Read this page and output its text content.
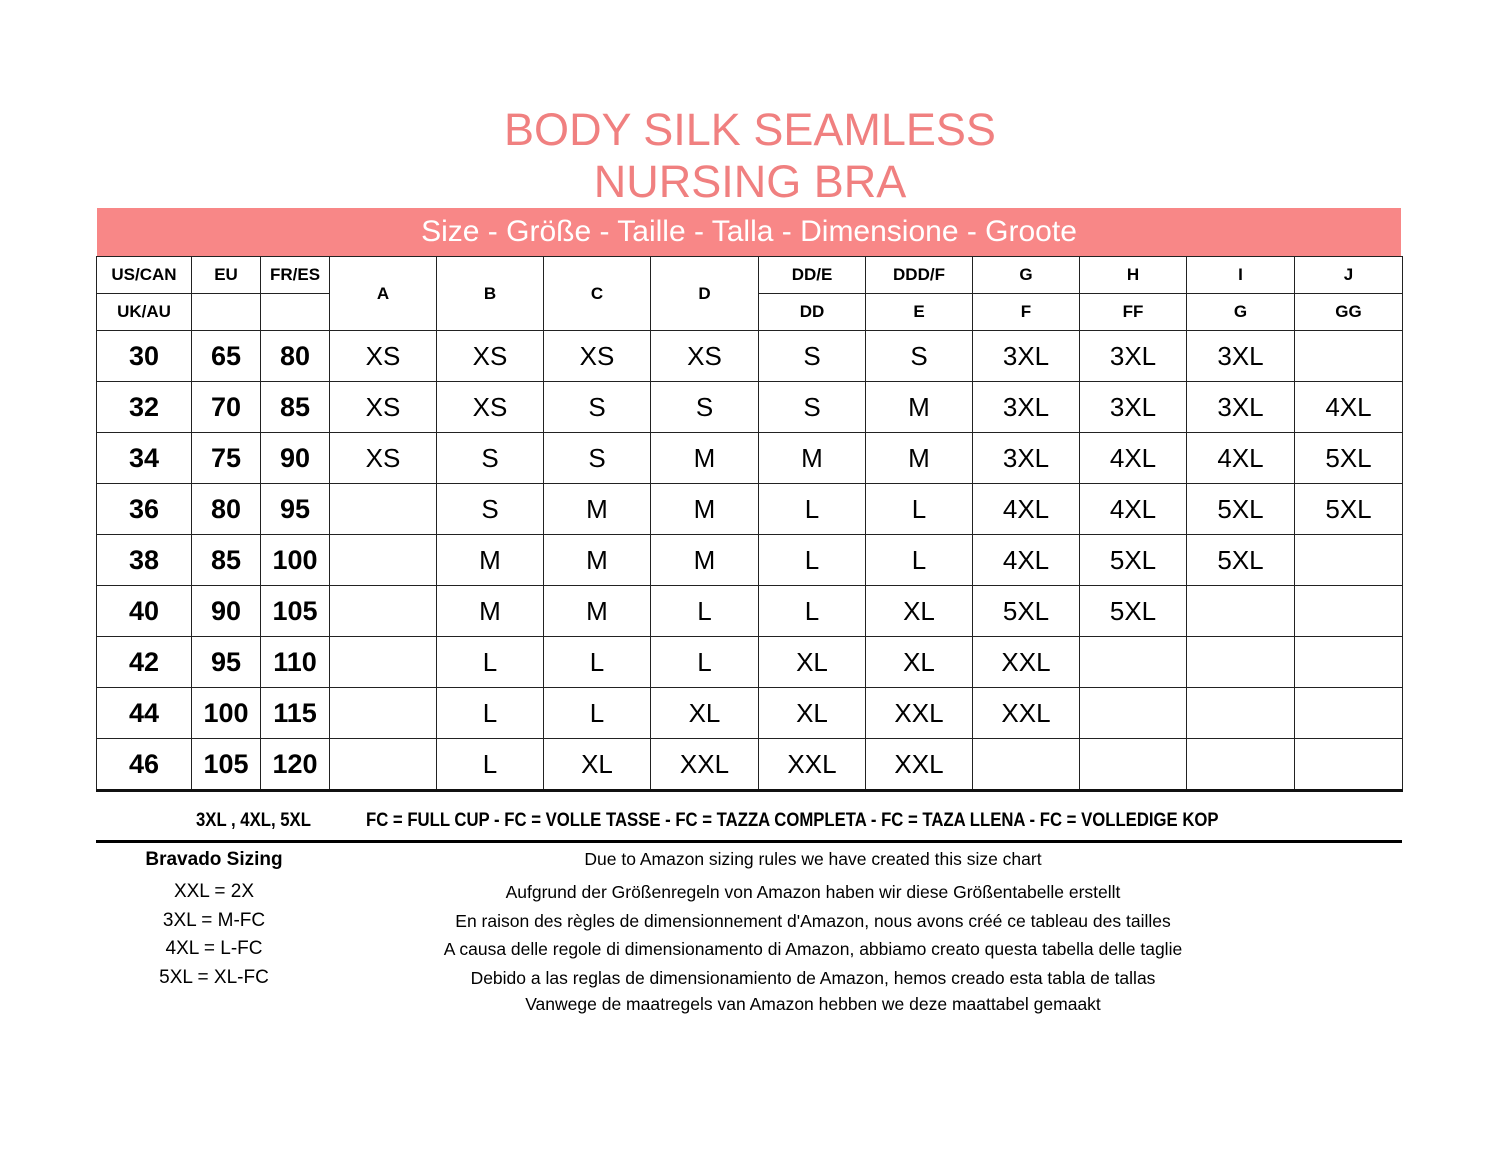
BODY SILK SEAMLESS
NURSING BRA
Size - Größe - Taille - Talla - Dimensione - Groote
US/CAN	EU	FR/ES	A	B	C	D	DD/E	DDD/F	G	H	I	J
UK/AU							DD	E	F	FF	G	GG
30	65	80	XS	XS	XS	XS	S	S	3XL	3XL	3XL	
32	70	85	XS	XS	S	S	S	M	3XL	3XL	3XL	4XL
34	75	90	XS	S	S	M	M	M	3XL	4XL	4XL	5XL
36	80	95		S	M	M	L	L	4XL	4XL	5XL	5XL
38	85	100		M	M	M	L	L	4XL	5XL	5XL	
40	90	105		M	M	L	L	XL	5XL	5XL		
42	95	110		L	L	L	XL	XL	XXL			
44	100	115		L	L	XL	XL	XXL	XXL			
46	105	120		L	XL	XXL	XXL	XXL				
3XL , 4XL, 5XL	FC = FULL CUP - FC = VOLLE TASSE - FC = TAZZA COMPLETA - FC = TAZA LLENA - FC = VOLLEDIGE KOP
Bravado Sizing
XXL = 2X
3XL = M-FC
4XL = L-FC
5XL = XL-FC
Due to Amazon sizing rules we have created this size chart
Aufgrund der Größenregeln von Amazon haben wir diese Größentabelle erstellt
En raison des règles de dimensionnement d'Amazon, nous avons créé ce tableau des tailles
A causa delle regole di dimensionamento di Amazon, abbiamo creato questa tabella delle taglie
Debido a las reglas de dimensionamiento de Amazon, hemos creado esta tabla de tallas
Vanwege de maatregels van Amazon hebben we deze maattabel gemaakt
